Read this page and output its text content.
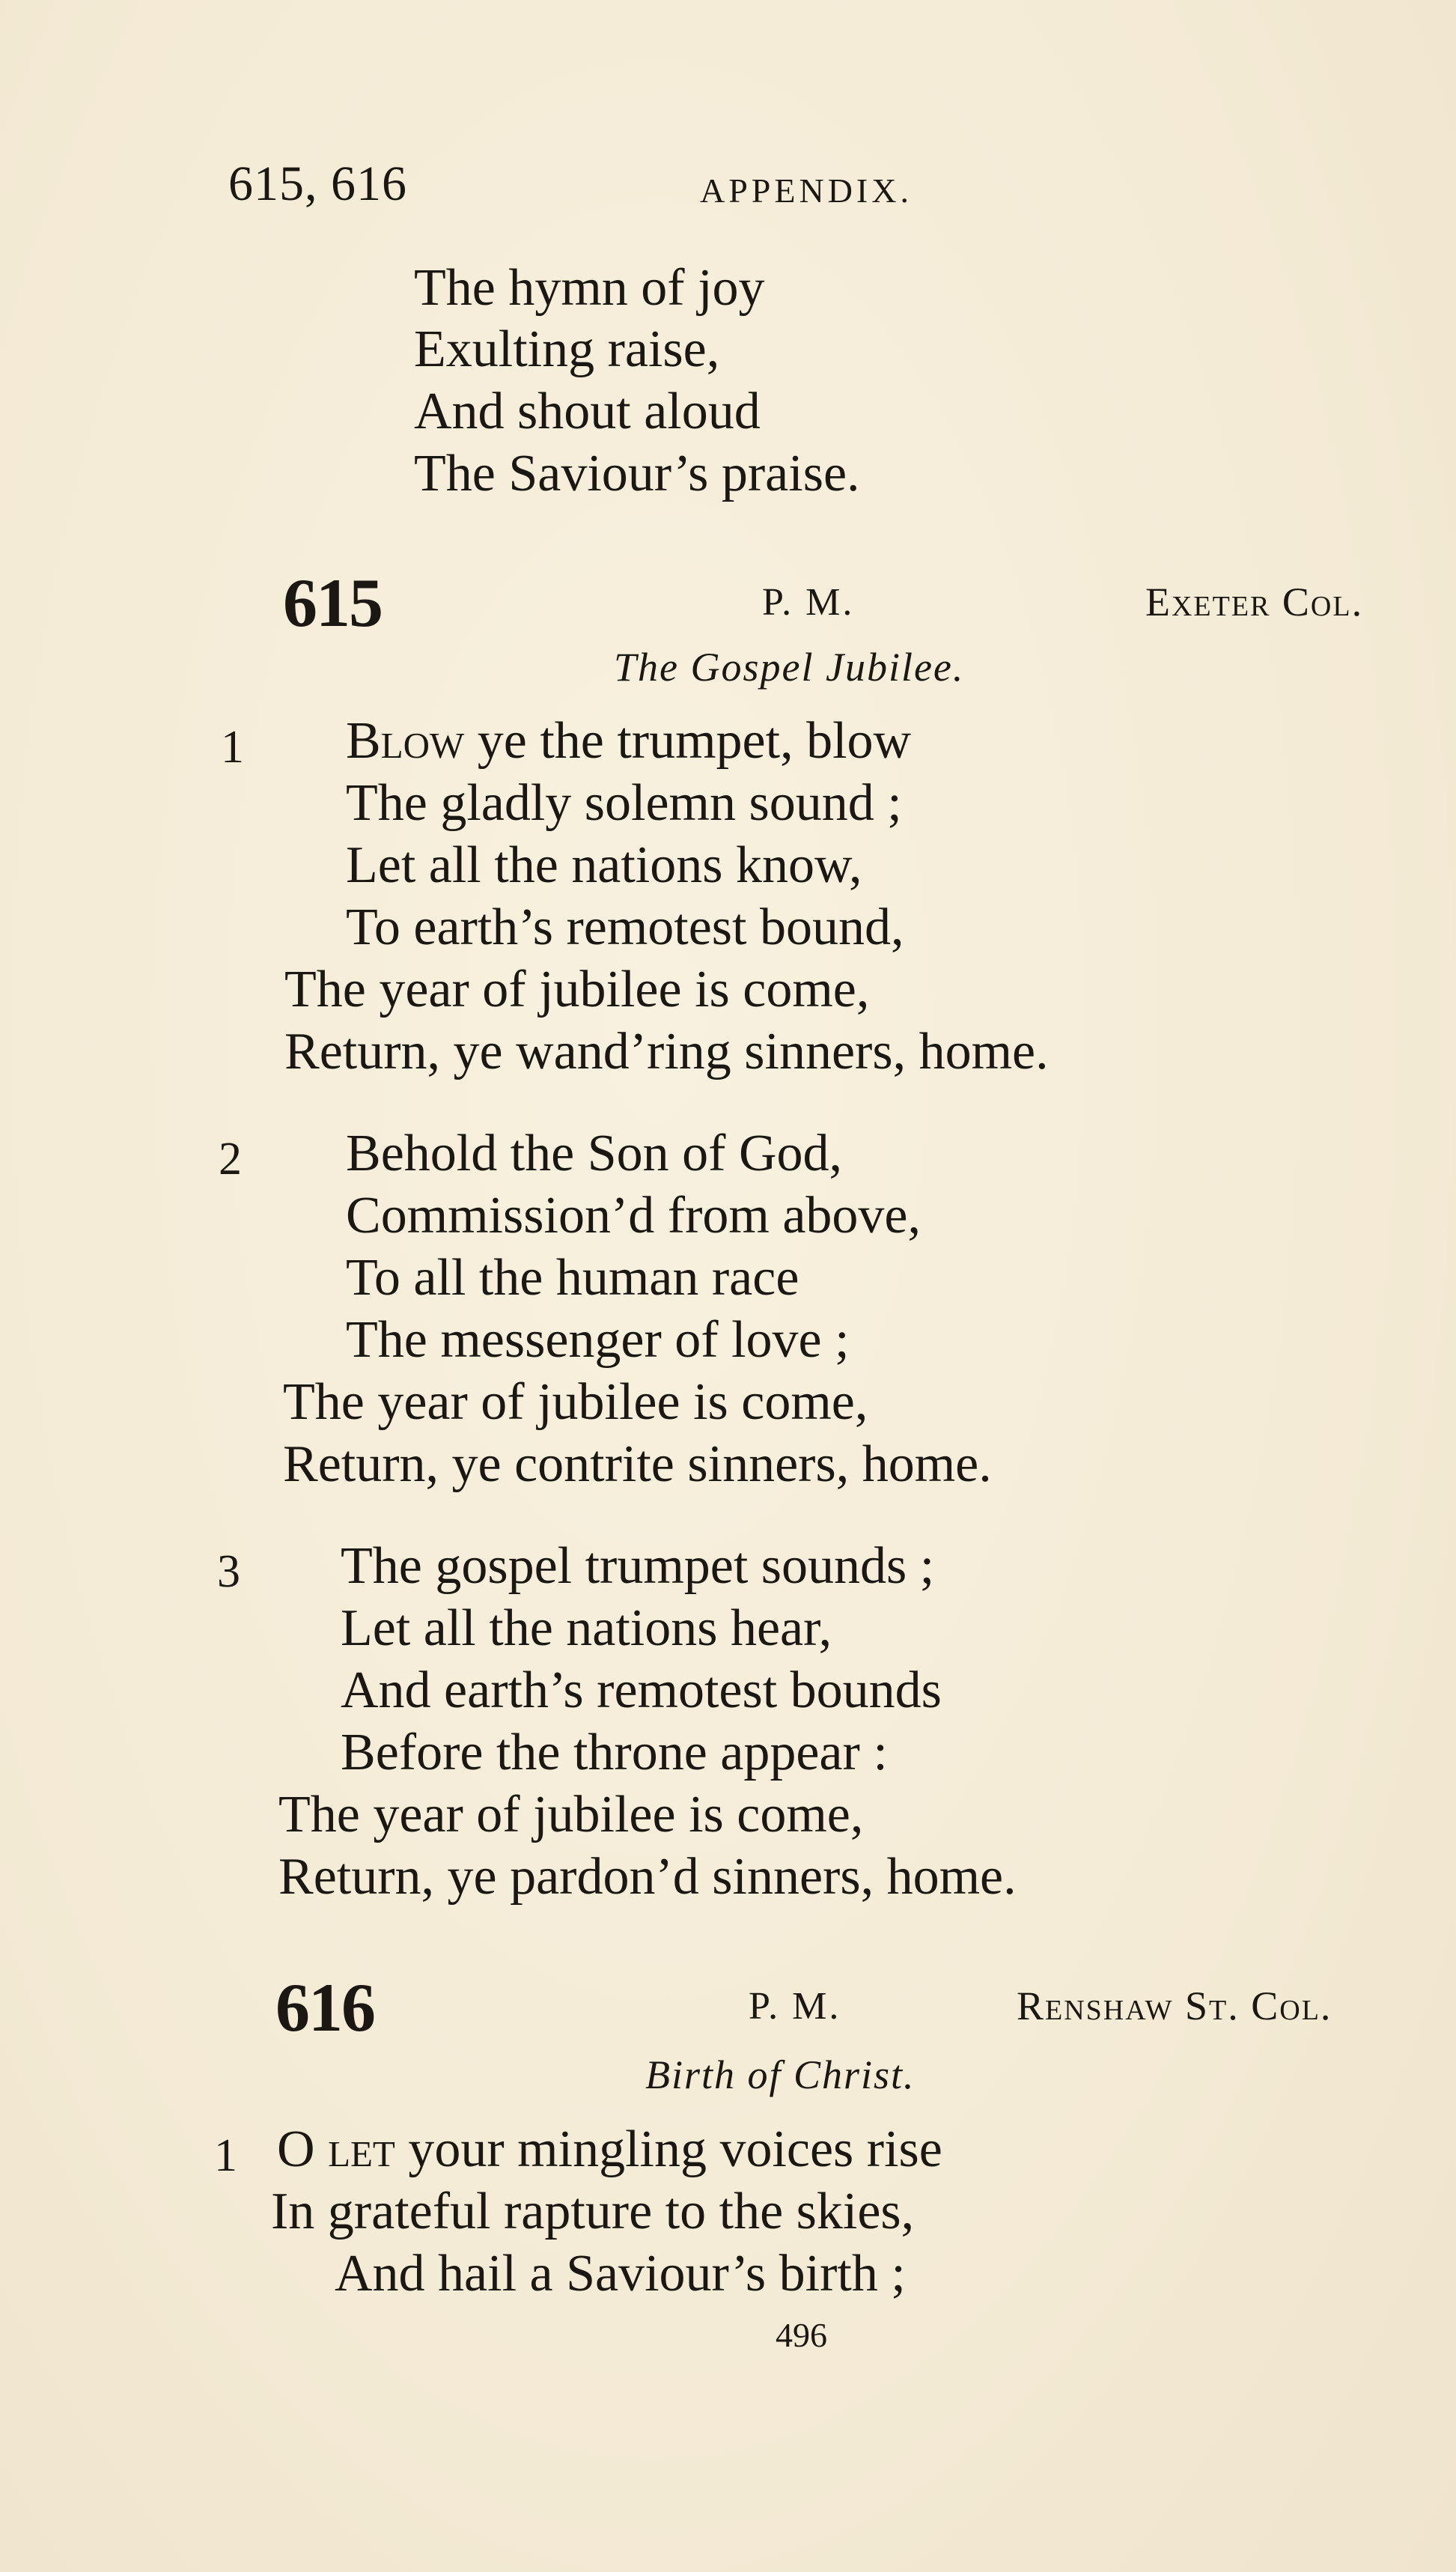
615, 616	APPENDIX.
The hymn of joy
Exulting raise,
And shout aloud
The Saviour’s praise.
615	P. M.	Exeter Col.
The Gospel Jubilee.
1 Blow ye the trumpet, blow
The gladly solemn sound ;
Let all the nations know,
To earth’s remotest bound,
The year of jubilee is come,
Return, ye wand’ring sinners, home.
2 Behold the Son of God,
Commission’d from above,
To all the human race
The messenger of love ;
The year of jubilee is come,
Return, ye contrite sinners, home.
3 The gospel trumpet sounds ;
Let all the nations hear,
And earth’s remotest bounds
Before the throne appear :
The year of jubilee is come,
Return, ye pardon’d sinners, home.
616	P. M.	Renshaw St. Col.
Birth of Christ.
1 O let your mingling voices rise
In grateful rapture to the skies,
And hail a Saviour’s birth ;
496
